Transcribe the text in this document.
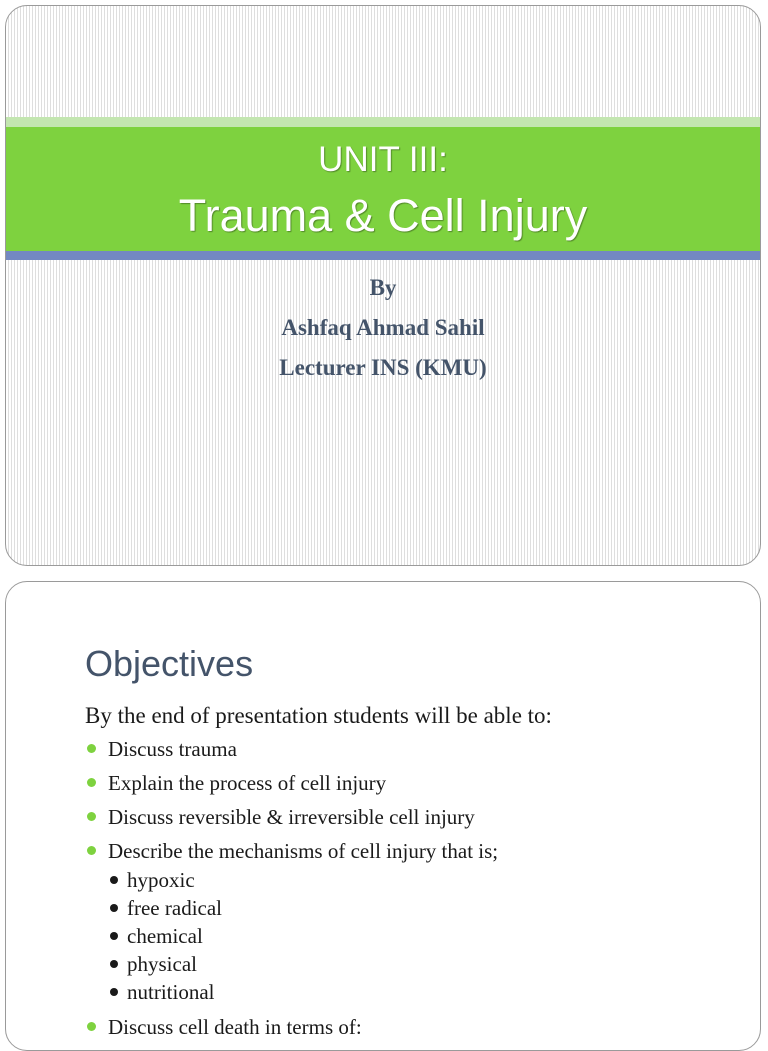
UNIT III:
Trauma & Cell Injury
By
Ashfaq Ahmad Sahil
Lecturer INS (KMU)
Objectives
By the end of presentation students will be able to:
Discuss trauma
Explain the process of cell injury
Discuss reversible & irreversible cell injury
Describe the mechanisms of cell injury that is;
hypoxic
free radical
chemical
physical
nutritional
Discuss cell death in terms of:
